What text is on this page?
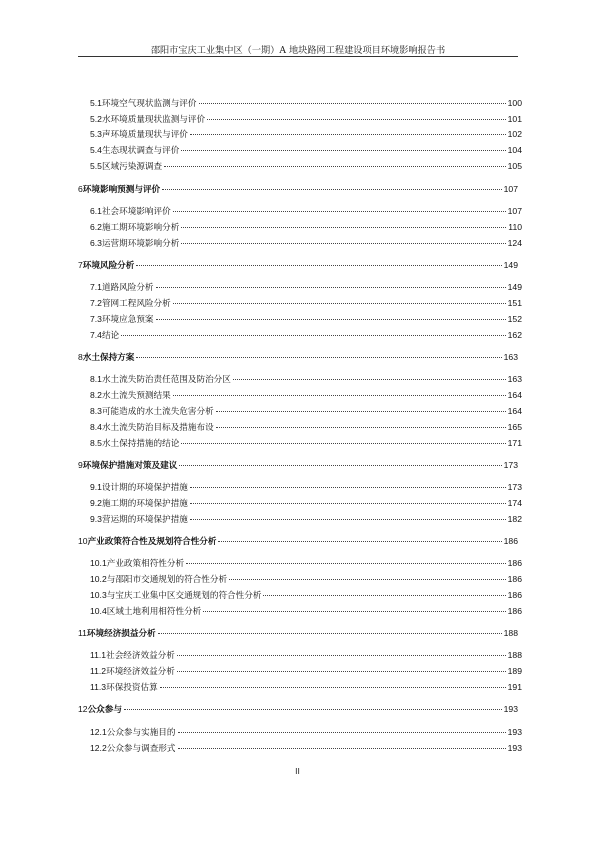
邵阳市宝庆工业集中区（一期）A 地块路网工程建设项目环境影响报告书
5.1 环境空气现状监测与评价	100
5.2 水环境质量现状监测与评价	101
5.3 声环境质量现状与评价	102
5.4 生态现状调查与评价	104
5.5 区域污染源调查	105
6 环境影响预测与评价	107
6.1 社会环境影响评价	107
6.2 施工期环境影响分析	110
6.3 运营期环境影响分析	124
7 环境风险分析	149
7.1 道路风险分析	149
7.2 管网工程风险分析	151
7.3 环境应急预案	152
7.4 结论	162
8 水土保持方案	163
8.1 水土流失防治责任范围及防治分区	163
8.2 水土流失预测结果	164
8.3 可能造成的水土流失危害分析	164
8.4 水土流失防治目标及措施布设	165
8.5 水土保持措施的结论	171
9 环境保护措施对策及建议	173
9.1 设计期的环境保护措施	173
9.2 施工期的环境保护措施	174
9.3 营运期的环境保护措施	182
10 产业政策符合性及规划符合性分析	186
10.1 产业政策相符性分析	186
10.2 与邵阳市交通规划的符合性分析	186
10.3 与宝庆工业集中区交通规划的符合性分析	186
10.4 区域土地利用相符性分析	186
11 环境经济损益分析	188
11.1 社会经济效益分析	188
11.2 环境经济效益分析	189
11.3 环保投资估算	191
12 公众参与	193
12.1 公众参与实施目的	193
12.2 公众参与调查形式	193
II
